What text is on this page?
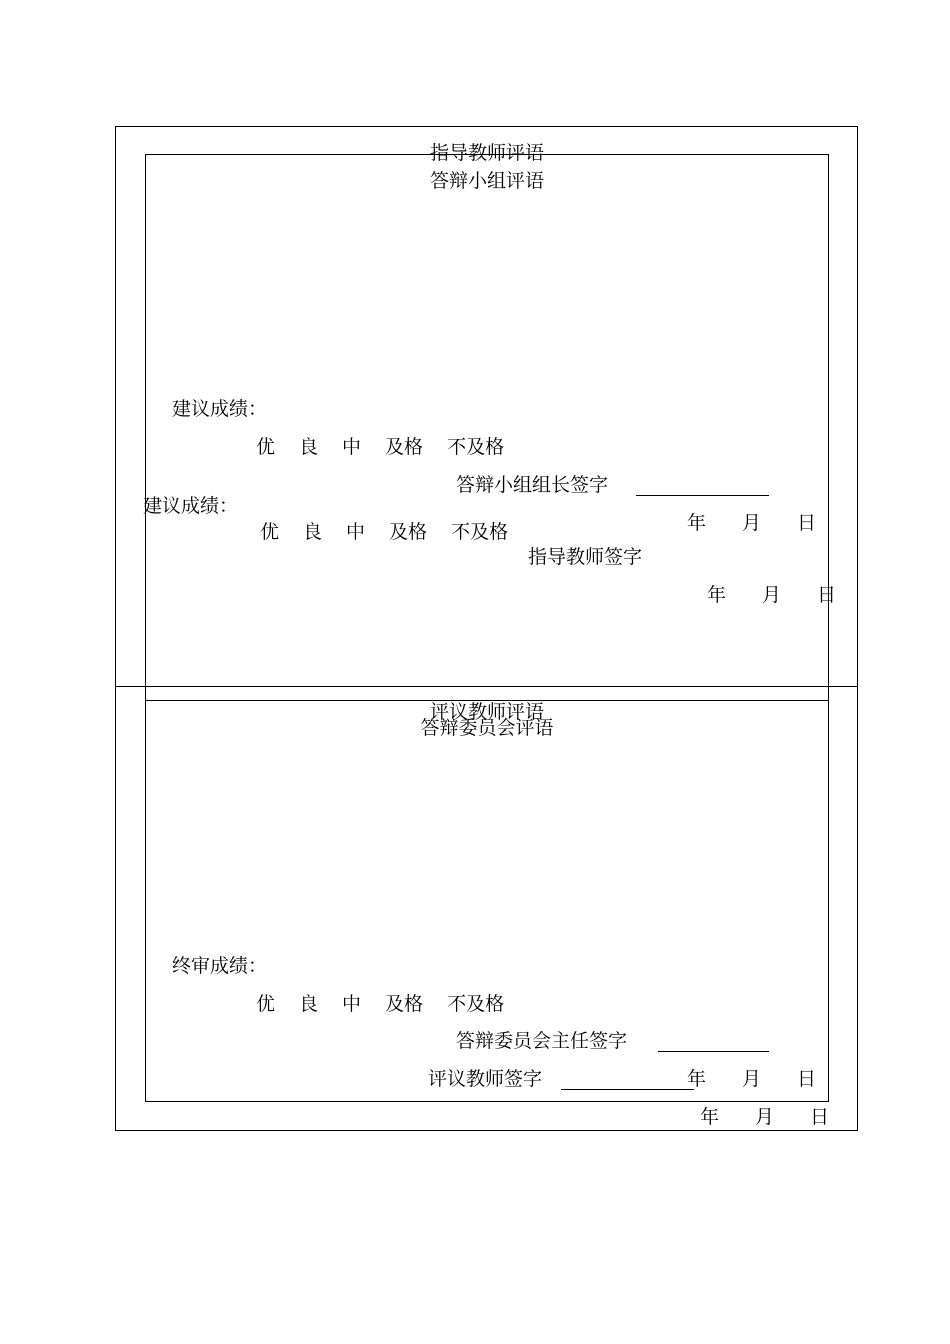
指导教师评语
答辩小组评语
建议成绩：
优 良 中 及格 不及格
答辩小组组长签字
年 月 日
建议成绩：
优 良 中 及格 不及格
指导教师签字
年 月 日
评议教师评语
答辩委员会评语
终审成绩：
优 良 中 及格 不及格
答辩委员会主任签字
评议教师签字	年 月 日
年 月 日
